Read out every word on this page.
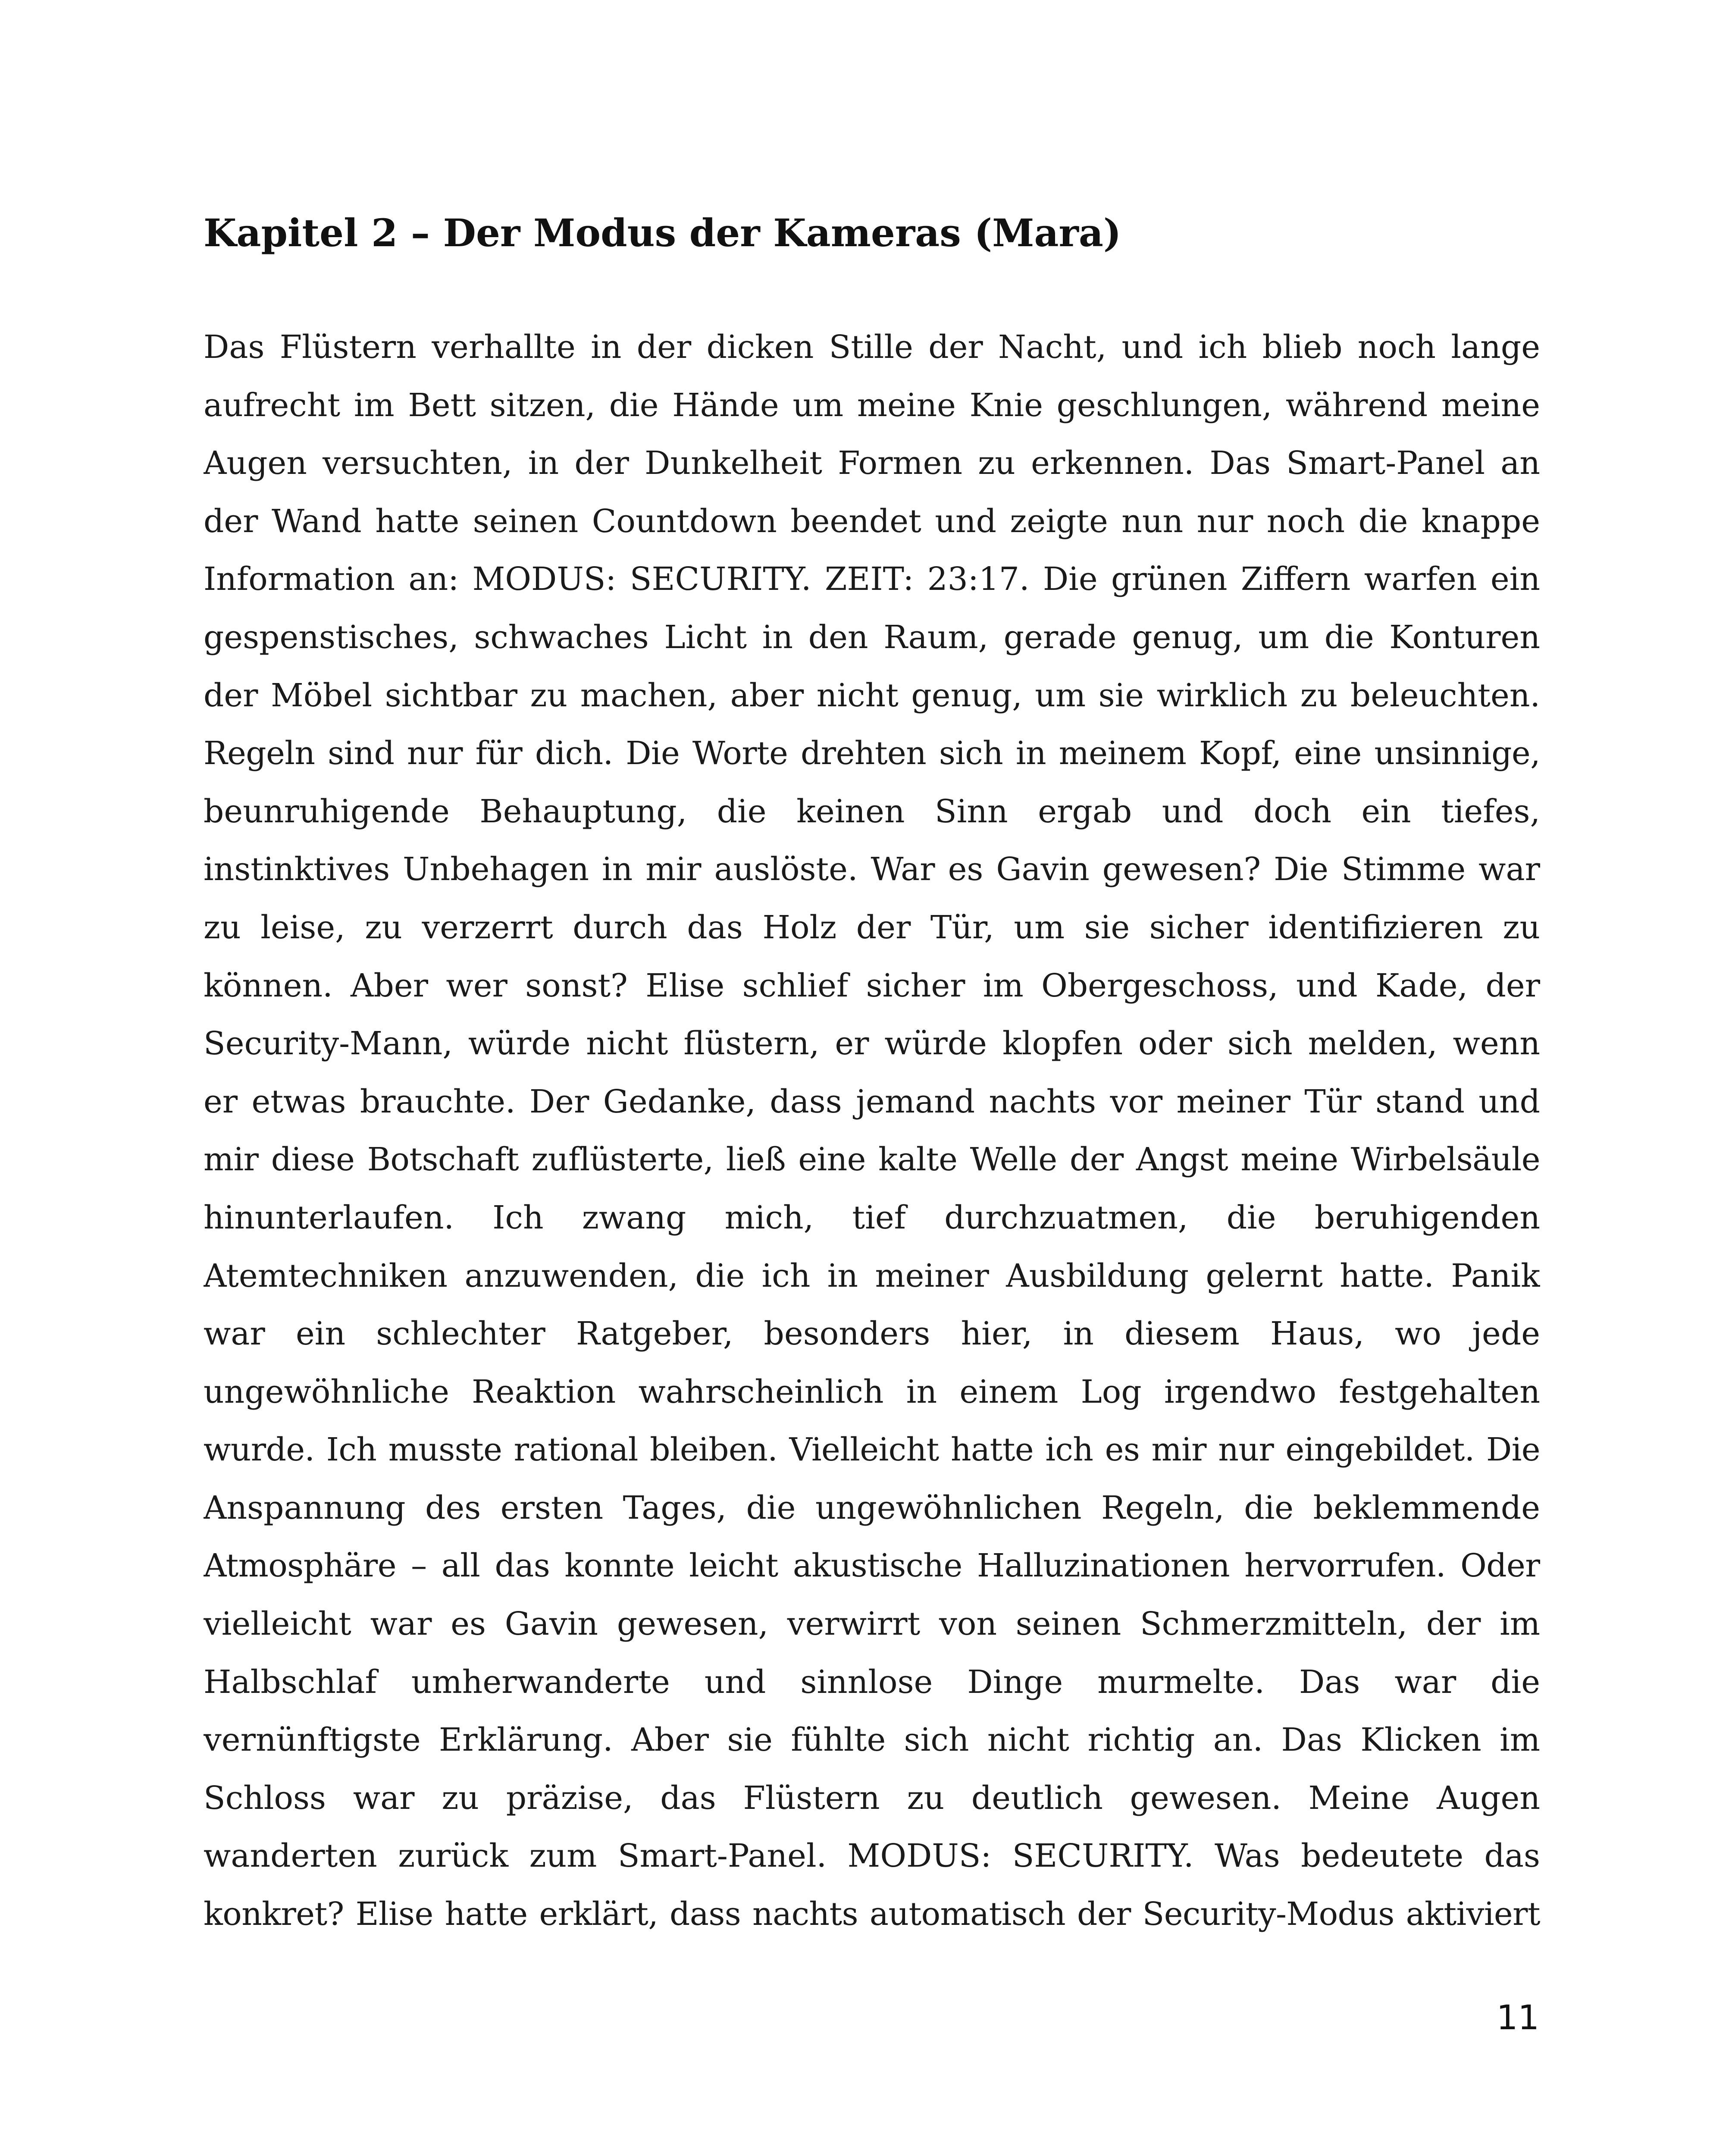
Kapitel 2 – Der Modus der Kameras (Mara)
Das Flüstern verhallte in der dicken Stille der Nacht, und ich blieb noch lange
aufrecht im Bett sitzen, die Hände um meine Knie geschlungen, während meine
Augen versuchten, in der Dunkelheit Formen zu erkennen. Das Smart-Panel an
der Wand hatte seinen Countdown beendet und zeigte nun nur noch die knappe
Information an: MODUS: SECURITY. ZEIT: 23:17. Die grünen Ziffern warfen ein
gespenstisches, schwaches Licht in den Raum, gerade genug, um die Konturen
der Möbel sichtbar zu machen, aber nicht genug, um sie wirklich zu beleuchten.
Regeln sind nur für dich. Die Worte drehten sich in meinem Kopf, eine unsinnige,
beunruhigende Behauptung, die keinen Sinn ergab und doch ein tiefes,
instinktives Unbehagen in mir auslöste. War es Gavin gewesen? Die Stimme war
zu leise, zu verzerrt durch das Holz der Tür, um sie sicher identifizieren zu
können. Aber wer sonst? Elise schlief sicher im Obergeschoss, und Kade, der
Security-Mann, würde nicht flüstern, er würde klopfen oder sich melden, wenn
er etwas brauchte. Der Gedanke, dass jemand nachts vor meiner Tür stand und
mir diese Botschaft zuflüsterte, ließ eine kalte Welle der Angst meine Wirbelsäule
hinunterlaufen. Ich zwang mich, tief durchzuatmen, die beruhigenden
Atemtechniken anzuwenden, die ich in meiner Ausbildung gelernt hatte. Panik
war ein schlechter Ratgeber, besonders hier, in diesem Haus, wo jede
ungewöhnliche Reaktion wahrscheinlich in einem Log irgendwo festgehalten
wurde. Ich musste rational bleiben. Vielleicht hatte ich es mir nur eingebildet. Die
Anspannung des ersten Tages, die ungewöhnlichen Regeln, die beklemmende
Atmosphäre – all das konnte leicht akustische Halluzinationen hervorrufen. Oder
vielleicht war es Gavin gewesen, verwirrt von seinen Schmerzmitteln, der im
Halbschlaf umherwanderte und sinnlose Dinge murmelte. Das war die
vernünftigste Erklärung. Aber sie fühlte sich nicht richtig an. Das Klicken im
Schloss war zu präzise, das Flüstern zu deutlich gewesen. Meine Augen
wanderten zurück zum Smart-Panel. MODUS: SECURITY. Was bedeutete das
konkret? Elise hatte erklärt, dass nachts automatisch der Security-Modus aktiviert
11
